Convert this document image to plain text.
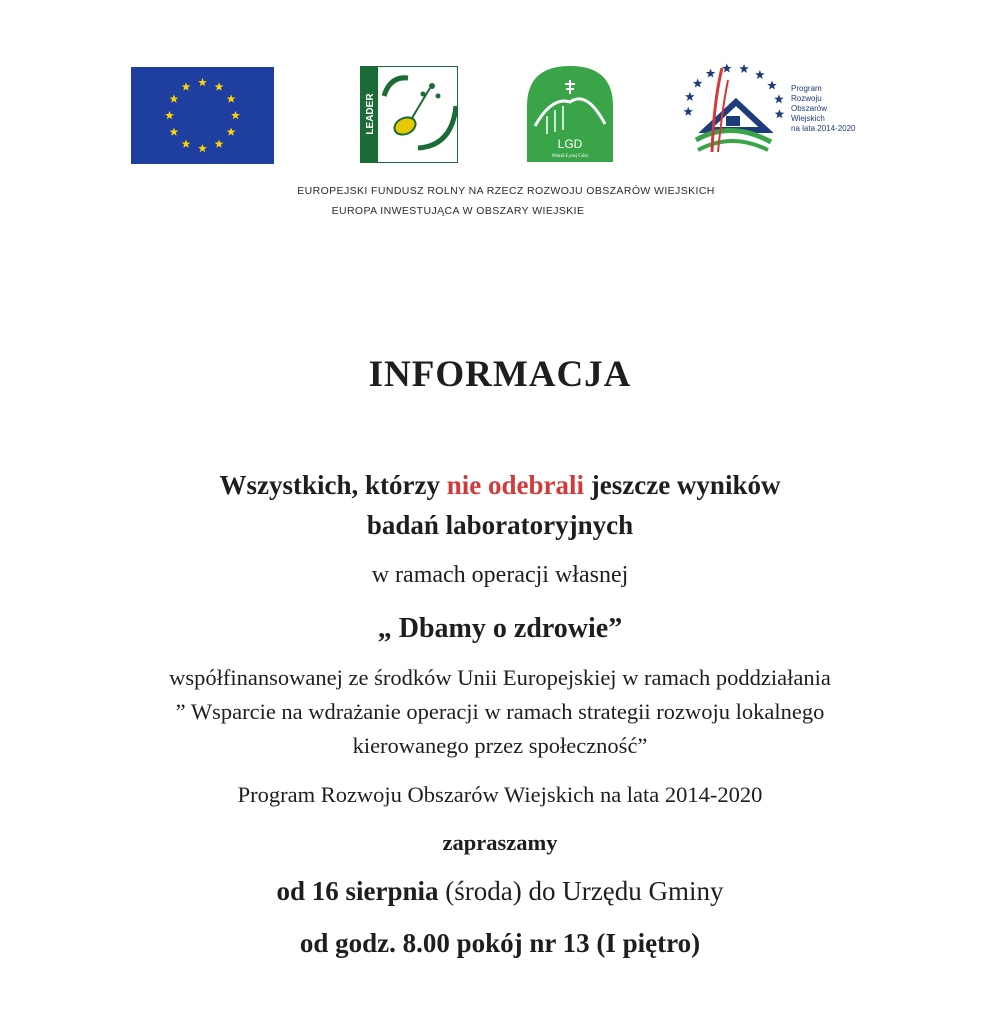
LEADER
LGD
Wokół Łysej Góry
Program
Rozwoju
Obszarów
Wiejskich
na lata 2014-2020
EUROPEJSKI FUNDUSZ ROLNY NA RZECZ ROZWOJU OBSZARÓW WIEJSKICH
EUROPA INWESTUJĄCA W OBSZARY WIEJSKIE
INFORMACJA
Wszystkich, którzy nie odebrali jeszcze wyników
badań laboratoryjnych
w ramach operacji własnej
„ Dbamy o zdrowie”
współfinansowanej ze środków Unii Europejskiej w ramach poddziałania
” Wsparcie na wdrażanie operacji w ramach strategii rozwoju lokalnego
kierowanego przez społeczność”
Program Rozwoju Obszarów Wiejskich na lata 2014-2020
zapraszamy
od 16 sierpnia (środa) do Urzędu Gminy
od godz. 8.00 pokój nr 13 (I piętro)
